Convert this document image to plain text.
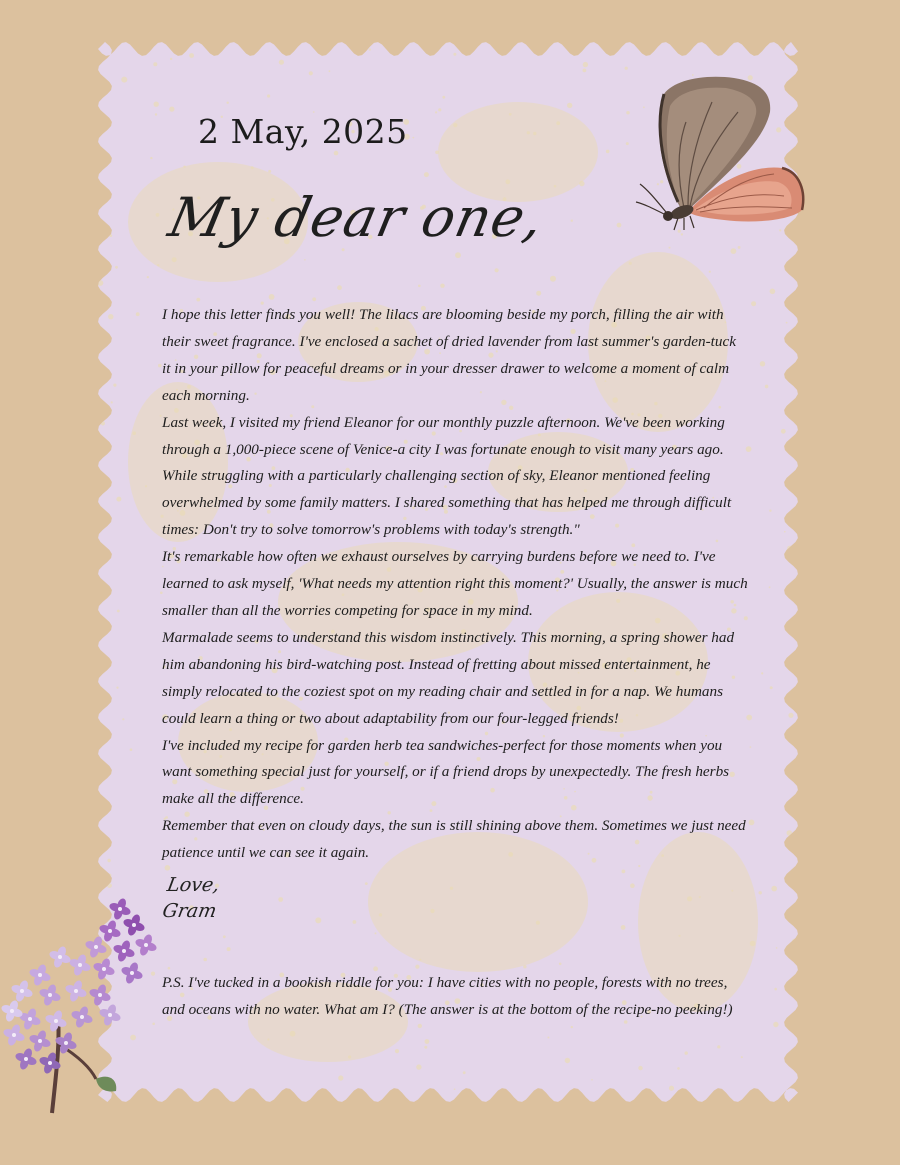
2 May, 2025
My dear one,

I hope this letter finds you well! The lilacs are blooming beside my porch, filling the air with their sweet fragrance. I've enclosed a sachet of dried lavender from last summer's garden-tuck it in your pillow for peaceful dreams or in your dresser drawer to welcome a moment of calm each morning.

Last week, I visited my friend Eleanor for our monthly puzzle afternoon. We've been working through a 1,000-piece scene of Venice-a city I was fortunate enough to visit many years ago. While struggling with a particularly challenging section of sky, Eleanor mentioned feeling overwhelmed by some family matters. I shared something that has helped me through difficult times: Don't try to solve tomorrow's problems with today's strength."

It's remarkable how often we exhaust ourselves by carrying burdens before we need to. I've learned to ask myself, 'What needs my attention right this moment?' Usually, the answer is much smaller than all the worries competing for space in my mind.

Marmalade seems to understand this wisdom instinctively. This morning, a spring shower had him abandoning his bird-watching post. Instead of fretting about missed entertainment, he simply relocated to the coziest spot on my reading chair and settled in for a nap. We humans could learn a thing or two about adaptability from our four-legged friends!

I've included my recipe for garden herb tea sandwiches-perfect for those moments when you want something special just for yourself, or if a friend drops by unexpectedly. The fresh herbs make all the difference.

Remember that even on cloudy days, the sun is still shining above them. Sometimes we just need patience until we can see it again.

Love,
Gram
P.S. I've tucked in a bookish riddle for you: I have cities with no people, forests with no trees, and oceans with no water. What am I? (The answer is at the bottom of the recipe-no peeking!)
